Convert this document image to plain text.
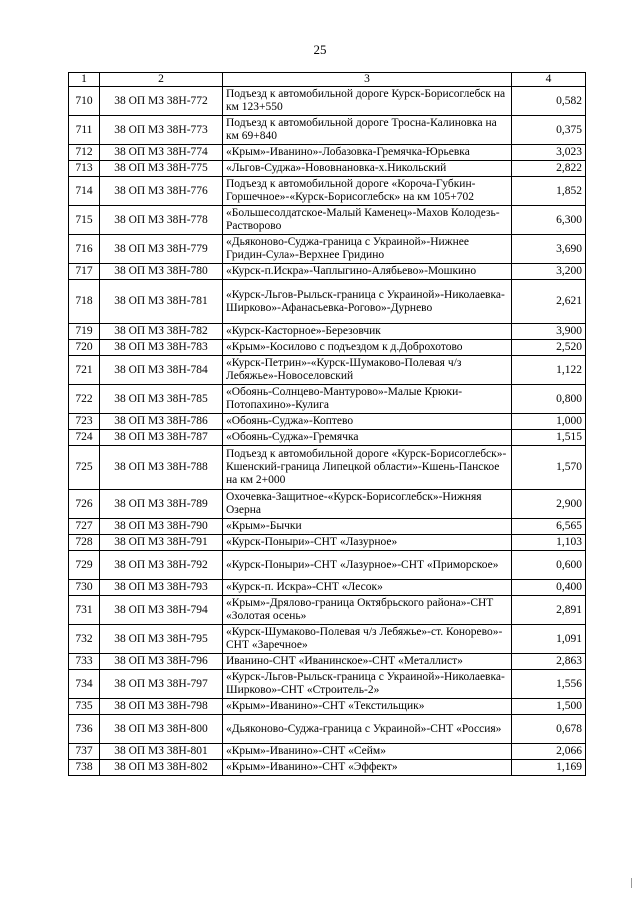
25
1	2	3	4
710	38 ОП МЗ 38Н-772	Подъезд к автомобильной дороге Курск-Борисоглебск на км 123+550	0,582
711	38 ОП МЗ 38Н-773	Подъезд к автомобильной дороге Тросна-Калиновка на км 69+840	0,375
712	38 ОП МЗ 38Н-774	«Крым»-Иванино»-Лобазовка-Гремячка-Юрьевка	3,023
713	38 ОП МЗ 38Н-775	«Льгов-Суджа»-Нововнановка-х.Никольский	2,822
714	38 ОП МЗ 38Н-776	Подъезд к автомобильной дороге «Короча-Губкин-Горшечное»-«Курск-Борисоглебск» на км 105+702	1,852
715	38 ОП МЗ 38Н-778	«Большесолдатское-Малый Каменец»-Махов Колодезь-Растворово	6,300
716	38 ОП МЗ 38Н-779	«Дьяконово-Суджа-граница с Украиной»-Нижнее Гридин-Сула»-Верхнее Гридино	3,690
717	38 ОП МЗ 38Н-780	«Курск-п.Искра»-Чаплыгино-Алябьево»-Мошкино	3,200
718	38 ОП МЗ 38Н-781	«Курск-Льгов-Рыльск-граница с Украиной»-Николаевка-Ширково»-Афанасьевка-Рогово»-Дурнево	2,621
719	38 ОП МЗ 38Н-782	«Курск-Касторное»-Березовчик	3,900
720	38 ОП МЗ 38Н-783	«Крым»-Косилово с подъездом к д.Доброхотово	2,520
721	38 ОП МЗ 38Н-784	«Курск-Петрин»-«Курск-Шумаково-Полевая ч/з Лебяжье»-Новоселовский	1,122
722	38 ОП МЗ 38Н-785	«Обоянь-Солнцево-Мантурово»-Малые Крюки-Потопахино»-Кулига	0,800
723	38 ОП МЗ 38Н-786	«Обоянь-Суджа»-Коптево	1,000
724	38 ОП МЗ 38Н-787	«Обоянь-Суджа»-Гремячка	1,515
725	38 ОП МЗ 38Н-788	Подъезд к автомобильной дороге «Курск-Борисоглебск»-Кшенский-граница Липецкой области»-Кшень-Панское на км 2+000	1,570
726	38 ОП МЗ 38Н-789	Охочевка-Защитное-«Курск-Борисоглебск»-Нижняя Озерна	2,900
727	38 ОП МЗ 38Н-790	«Крым»-Бычки	6,565
728	38 ОП МЗ 38Н-791	«Курск-Поныри»-СНТ «Лазурное»	1,103
729	38 ОП МЗ 38Н-792	«Курск-Поныри»-СНТ «Лазурное»-СНТ «Приморское»	0,600
730	38 ОП МЗ 38Н-793	«Курск-п. Искра»-СНТ «Лесок»	0,400
731	38 ОП МЗ 38Н-794	«Крым»-Дрялово-граница Октябрьского района»-СНТ «Золотая осень»	2,891
732	38 ОП МЗ 38Н-795	«Курск-Шумаково-Полевая ч/з Лебяжье»-ст. Конорево»-СНТ «Заречное»	1,091
733	38 ОП МЗ 38Н-796	Иванино-СНТ «Иванинское»-СНТ «Металлист»	2,863
734	38 ОП МЗ 38Н-797	«Курск-Льгов-Рыльск-граница с Украиной»-Николаевка-Ширково»-СНТ «Строитель-2»	1,556
735	38 ОП МЗ 38Н-798	«Крым»-Иванино»-СНТ «Текстильщик»	1,500
736	38 ОП МЗ 38Н-800	«Дьяконово-Суджа-граница с Украиной»-СНТ «Россия»	0,678
737	38 ОП МЗ 38Н-801	«Крым»-Иванино»-СНТ «Сейм»	2,066
738	38 ОП МЗ 38Н-802	«Крым»-Иванино»-СНТ «Эффект»	1,169
